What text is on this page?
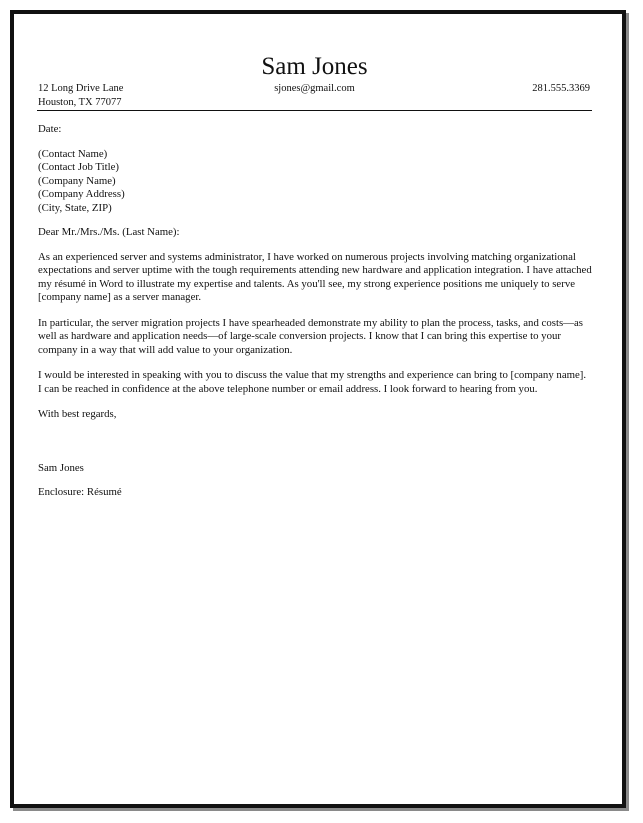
Sam Jones
12 Long Drive Lane
Houston, TX 77077
sjones@gmail.com	281.555.3369

Date:

(Contact Name)
(Contact Job Title)
(Company Name)
(Company Address)
(City, State, ZIP)

Dear Mr./Mrs./Ms. (Last Name):

As an experienced server and systems administrator, I have worked on numerous projects involving matching organizational expectations and server uptime with the tough requirements attending new hardware and application integration. I have attached my résumé in Word to illustrate my expertise and talents. As you'll see, my strong experience positions me uniquely to serve [company name] as a server manager.

In particular, the server migration projects I have spearheaded demonstrate my ability to plan the process, tasks, and costs—as well as hardware and application needs—of large-scale conversion projects. I know that I can bring this expertise to your company in a way that will add value to your organization.

I would be interested in speaking with you to discuss the value that my strengths and experience can bring to [company name]. I can be reached in confidence at the above telephone number or email address. I look forward to hearing from you.

With best regards,

Sam Jones

Enclosure: Résumé
